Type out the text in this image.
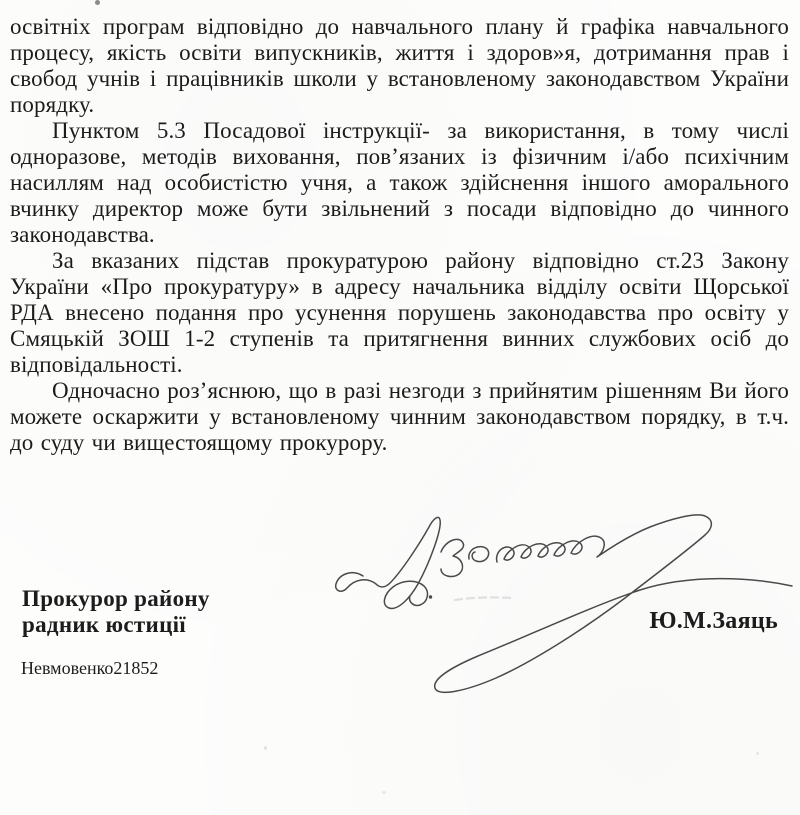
освітніх програм відповідно до навчального плану й графіка навчального процесу, якість освіти випускників, життя і здоров»я, дотримання прав і свобод учнів і працівників школи у встановленому законодавством України порядку.

Пунктом 5.3 Посадової інструкції- за використання, в тому числі одноразове, методів виховання, пов’язаних із фізичним і/або психічним насиллям над особистістю учня, а також здійснення іншого аморального вчинку директор може бути звільнений з посади відповідно до чинного законодавства.

За вказаних підстав прокуратурою району відповідно ст.23 Закону України «Про прокуратуру» в адресу начальника відділу освіти Щорської РДА внесено подання про усунення порушень законодавства про освіту у Смяцькій ЗОШ 1-2 ступенів та притягнення винних службових осіб до відповідальності.

Одночасно роз’яснюю, що в разі незгоди з прийнятим рішенням Ви його можете оскаржити у встановленому чинним законодавством порядку, в т.ч. до суду чи вищестоящому прокурору.

Прокурор району
радник юстиції
Невмовенко21852
Ю.М.Заяць
